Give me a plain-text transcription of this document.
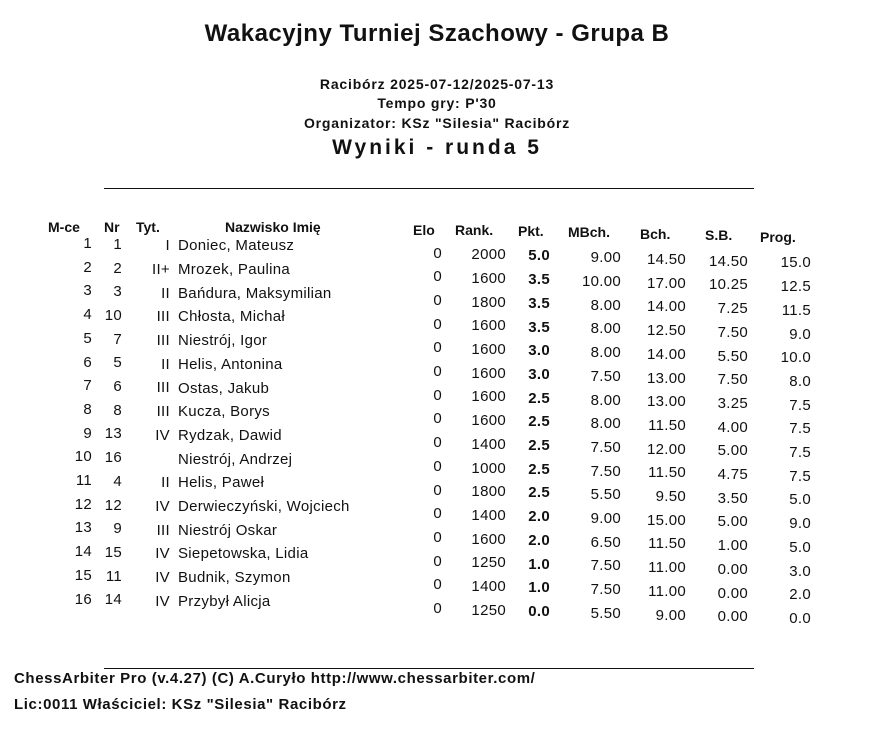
Wakacyjny Turniej Szachowy - Grupa B
Racibórz 2025-07-12/2025-07-13
Tempo gry: P'30
Organizator: KSz "Silesia" Racibórz
Wyniki - runda 5
M-ce Nr Tyt.	Nazwisko Imię	Elo Rank. Pkt. MBch. Bch. S.B. Prog.
1 1	I Doniec, Mateusz	0 2000 5.0	9.00 14.50 14.50 15.0
2 2 II+ Mrozek, Paulina	0 1600 3.5 10.00 17.00 10.25 12.5
3 3	II Bańdura, Maksymilian	0 1800 3.5	8.00 14.00 7.25 11.5
4 10 III Chłosta, Michał	0 1600 3.5	8.00 12.50 7.50	9.0
5 7 III Niestrój, Igor	0 1600 3.0	8.00 14.00 5.50 10.0
6 5	II Helis, Antonina	0 1600 3.0	7.50 13.00 7.50	8.0
7 6 III Ostas, Jakub	0 1600 2.5	8.00 13.00 3.25	7.5
8 8 III Kucza, Borys	0 1600 2.5	8.00 11.50 4.00	7.5
9 13 IV Rydzak, Dawid	0 1400 2.5	7.50 12.00 5.00	7.5
10 16	Niestrój, Andrzej	0 1000 2.5	7.50 11.50 4.75	7.5
11 4	II Helis, Paweł	0 1800 2.5	5.50 9.50 3.50	5.0
12 12 IV Derwieczyński, Wojciech	0 1400 2.0	9.00 15.00 5.00	9.0
13 9 III Niestrój Oskar	0 1600 2.0	6.50 11.50 1.00	5.0
14 15 IV Siepetowska, Lidia	0 1250 1.0	7.50 11.00 0.00	3.0
15 11 IV Budnik, Szymon	0 1400 1.0	7.50 11.00 0.00	2.0
16 14 IV Przybył Alicja	0 1250 0.0	5.50 9.00 0.00	0.0
ChessArbiter Pro (v.4.27) (C) A.Curyło http://www.chessarbiter.com/
Lic:0011 Właściciel: KSz "Silesia" Racibórz
